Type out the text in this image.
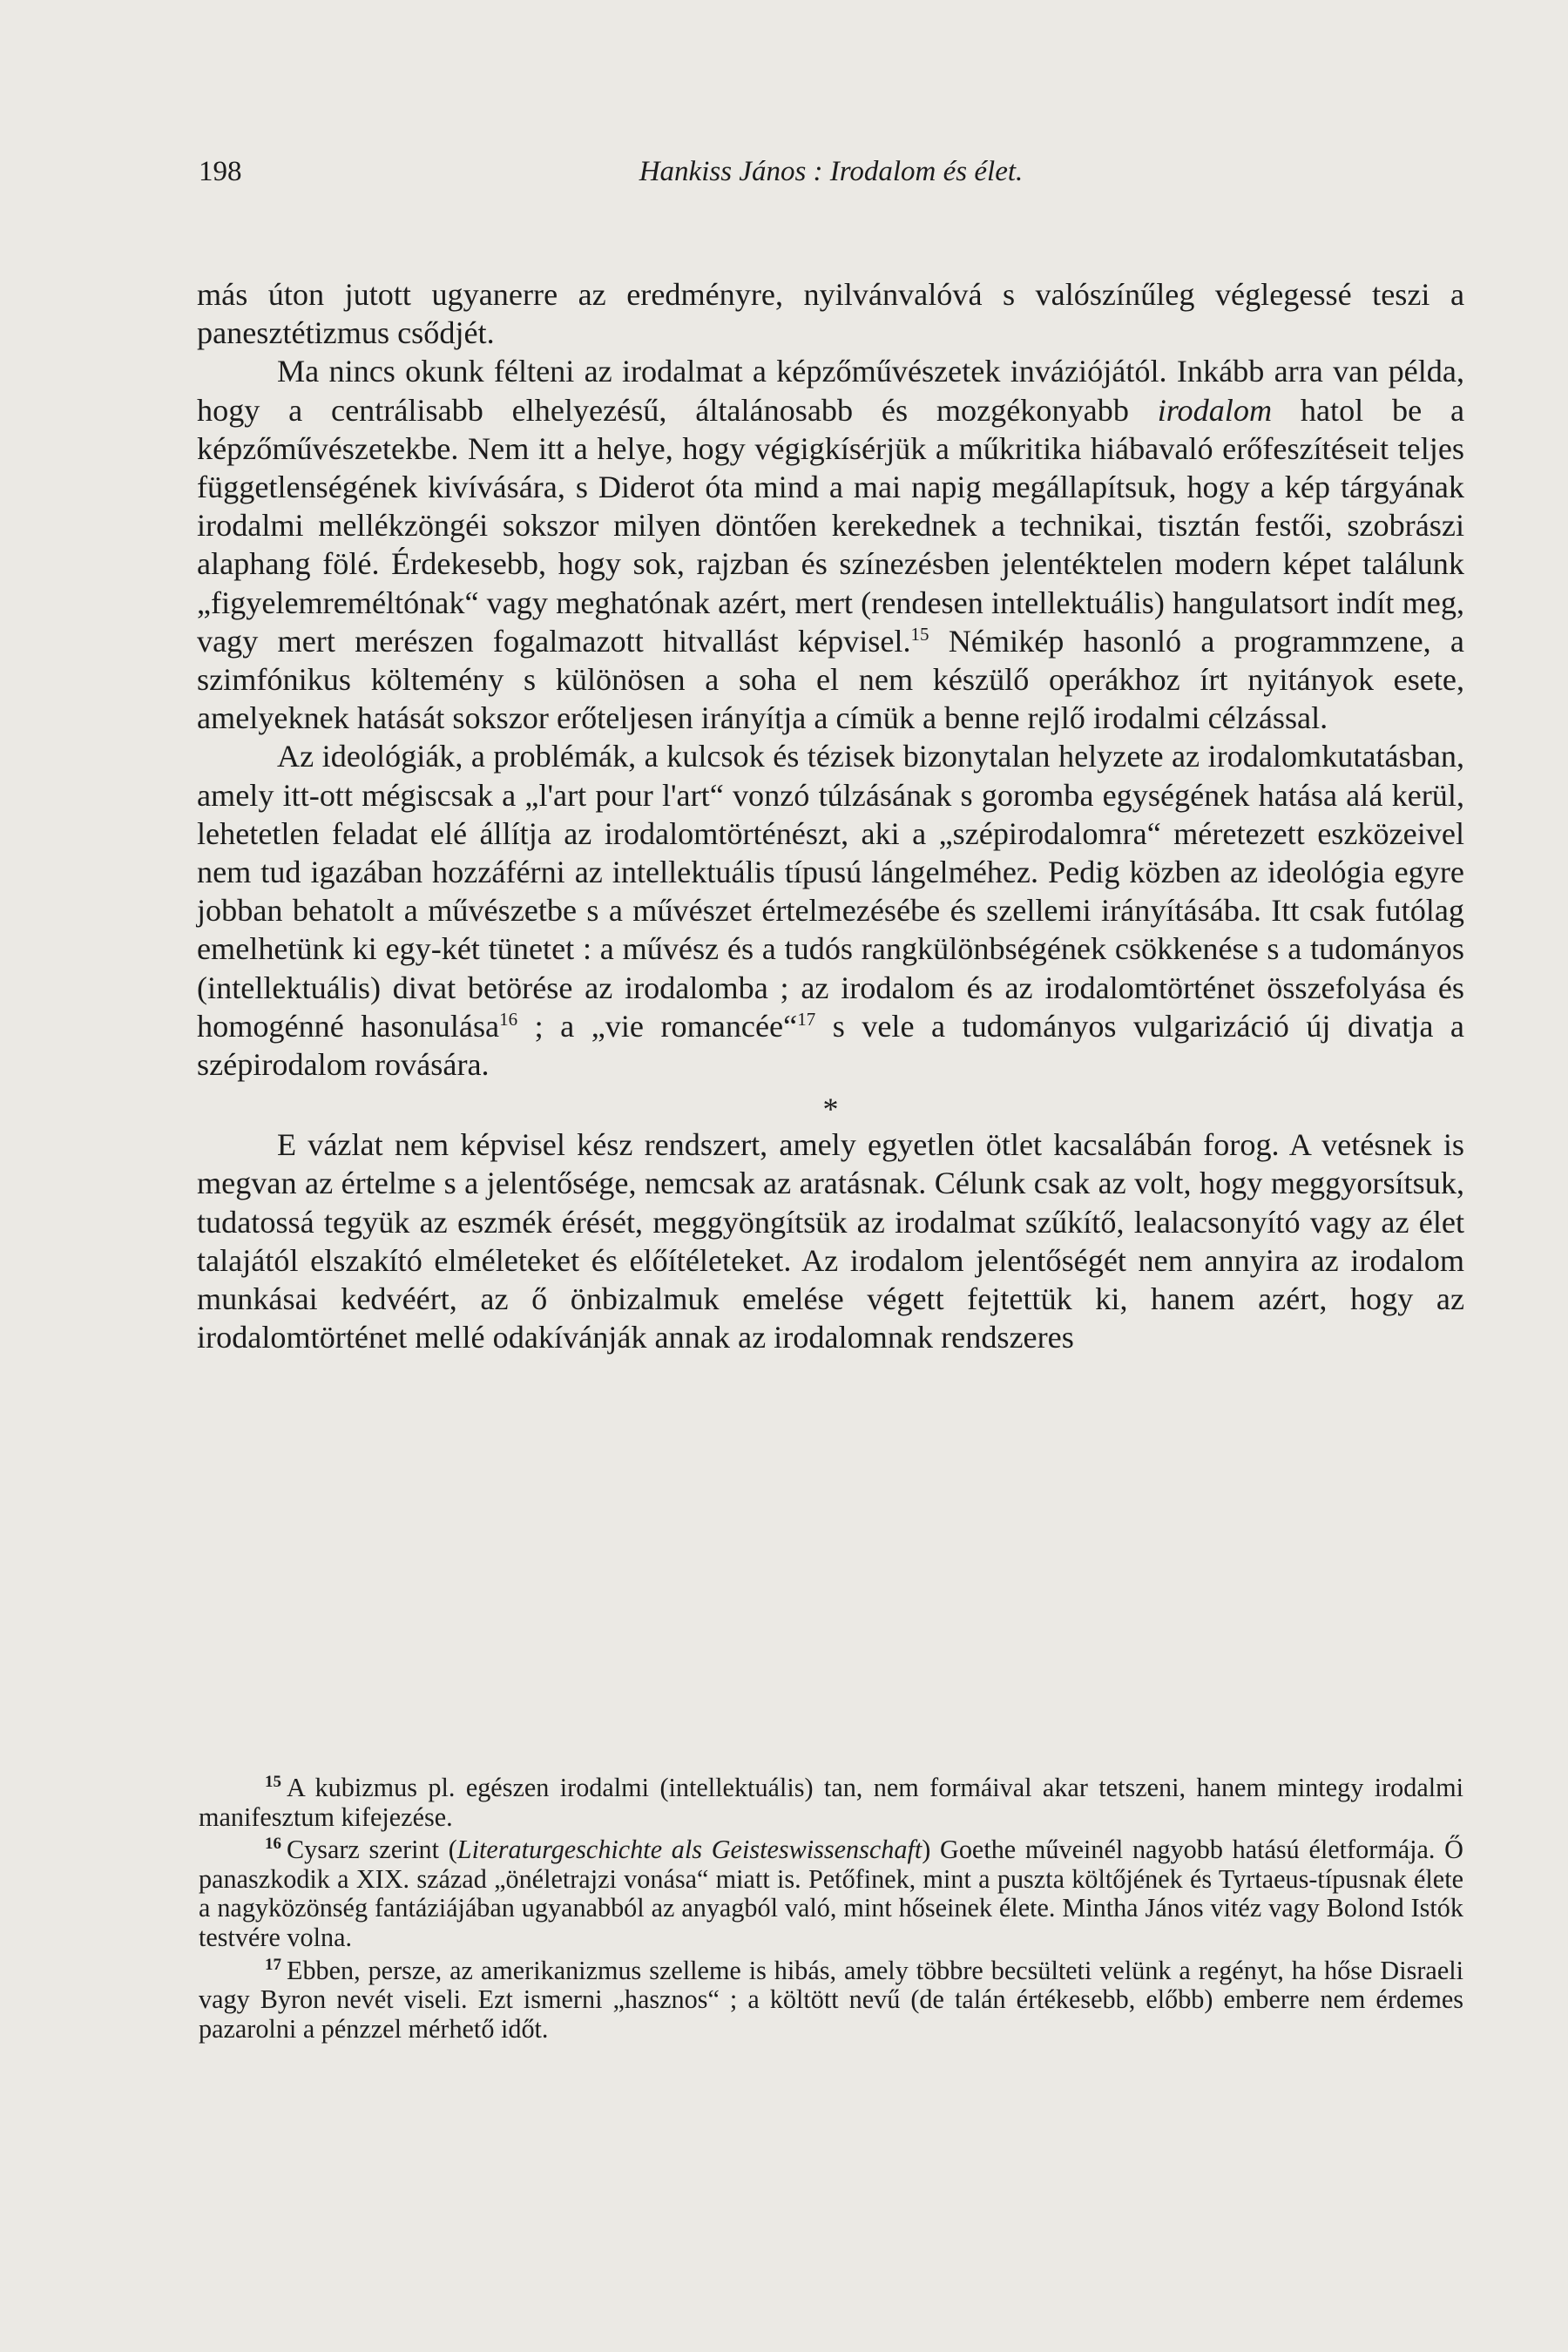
198	Hankiss János : Irodalom és élet.

más úton jutott ugyanerre az eredményre, nyilvánvalóvá s valószínűleg véglegessé teszi a panesztétizmus csődjét.

Ma nincs okunk félteni az irodalmat a képzőművészetek inváziójától. Inkább arra van példa, hogy a centrálisabb elhelyezésű, általánosabb és mozgékonyabb irodalom hatol be a képzőművészetekbe. Nem itt a helye, hogy végigkísérjük a műkritika hiábavaló erőfeszítéseit teljes függetlenségének kivívására, s Diderot óta mind a mai napig megállapítsuk, hogy a kép tárgyának irodalmi mellékzöngéi sokszor milyen döntően kerekednek a technikai, tisztán festői, szobrászi alaphang fölé. Érdekesebb, hogy sok, rajzban és színezésben jelentéktelen modern képet találunk „figyelemreméltónak“ vagy meghatónak azért, mert (rendesen intellektuális) hangulatsort indít meg, vagy mert merészen fogalmazott hitvallást képvisel.$^{15}$ Némikép hasonló a programmzene, a szimfónikus költemény s különösen a soha el nem készülő operákhoz írt nyitányok esete, amelyeknek hatását sokszor erőteljesen irányítja a címük a benne rejlő irodalmi célzással.

Az ideológiák, a problémák, a kulcsok és tézisek bizonytalan helyzete az irodalomkutatásban, amely itt-ott mégiscsak a „l'art pour l'art“ vonzó túlzásának s goromba egységének hatása alá kerül, lehetetlen feladat elé állítja az irodalomtörténészt, aki a „szépirodalomra“ méretezett eszközeivel nem tud igazában hozzáférni az intellektuális típusú lángelméhez. Pedig közben az ideológia egyre jobban behatolt a művészetbe s a művészet értelmezésébe és szellemi irányításába. Itt csak futólag emelhetünk ki egy-két tünetet : a művész és a tudós rangkülönbségének csökkenése s a tudományos (intellektuális) divat betörése az irodalomba ; az irodalom és az irodalomtörténet összefolyása és homogénné hasonulása$^{16}$ ; a „vie romancée“$^{17}$ s vele a tudományos vulgarizáció új divatja a szépirodalom rovására.

*

E vázlat nem képvisel kész rendszert, amely egyetlen ötlet kacsalábán forog. A vetésnek is megvan az értelme s a jelentősége, nemcsak az aratásnak. Célunk csak az volt, hogy meggyorsítsuk, tudatossá tegyük az eszmék érését, meggyöngítsük az irodalmat szűkítő, lealacsonyító vagy az élet talajától elszakító elméleteket és előítéleteket. Az irodalom jelentőségét nem annyira az irodalom munkásai kedvéért, az ő önbizalmuk emelése végett fejtettük ki, hanem azért, hogy az irodalomtörténet mellé odakívánják annak az irodalomnak rendszeres

$^{15}$ A kubizmus pl. egészen irodalmi (intellektuális) tan, nem formáival akar tetszeni, hanem mintegy irodalmi manifesztum kifejezése.

$^{16}$ Cysarz szerint (Literaturgeschichte als Geisteswissenschaft) Goethe műveinél nagyobb hatású életformája. Ő panaszkodik a XIX. század „önéletrajzi vonása“ miatt is. Petőfinek, mint a puszta költőjének és Tyrtaeus-típusnak élete a nagyközönség fantáziájában ugyanabból az anyagból való, mint hőseinek élete. Mintha János vitéz vagy Bolond Istók testvére volna.

$^{17}$ Ebben, persze, az amerikanizmus szelleme is hibás, amely többre becsülteti velünk a regényt, ha hőse Disraeli vagy Byron nevét viseli. Ezt ismerni „hasznos“ ; a költött nevű (de talán értékesebb, előbb) emberre nem érdemes pazarolni a pénzzel mérhető időt.
